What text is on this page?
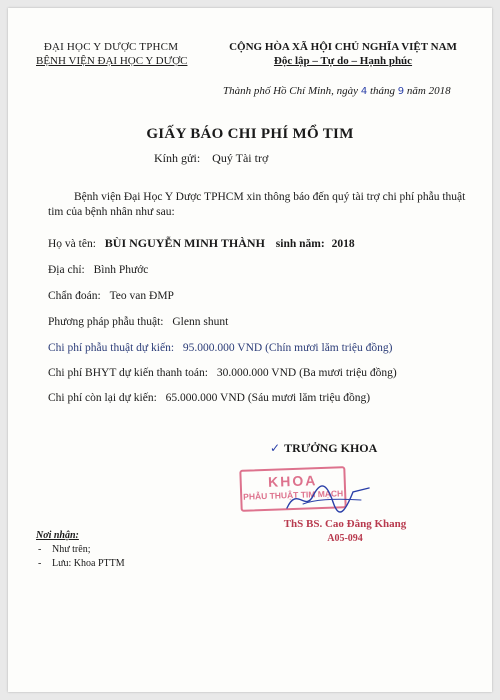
ĐẠI HỌC Y DƯỢC TPHCM
BỆNH VIỆN ĐẠI HỌC Y DƯỢC
CỘNG HÒA XÃ HỘI CHỦ NGHĨA VIỆT NAM
Độc lập – Tự do – Hạnh phúc
Thành phố Hồ Chí Minh, ngày 4 tháng 9 năm 2018
GIẤY BÁO CHI PHÍ MỔ TIM
Kính gửi: Quý Tài trợ
Bệnh viện Đại Học Y Dược TPHCM xin thông báo đến quý tài trợ chi phí phẫu thuật tim của bệnh nhân như sau:
Họ và tên: BÙI NGUYỄN MINH THÀNH sinh năm: 2018
Địa chỉ: Bình Phước
Chẩn đoán: Teo van ĐMP
Phương pháp phẫu thuật: Glenn shunt
Chi phí phẫu thuật dự kiến: 95.000.000 VND (Chín mươi lăm triệu đồng)
Chi phí BHYT dự kiến thanh toán: 30.000.000 VND (Ba mươi triệu đồng)
Chi phí còn lại dự kiến: 65.000.000 VND (Sáu mươi lăm triệu đồng)
✓ TRƯỞNG KHOA
KHOA
PHẪU THUẬT TIM MẠCH
ThS BS. Cao Đằng Khang
A05-094
Nơi nhận:
- Như trên;
- Lưu: Khoa PTTM
